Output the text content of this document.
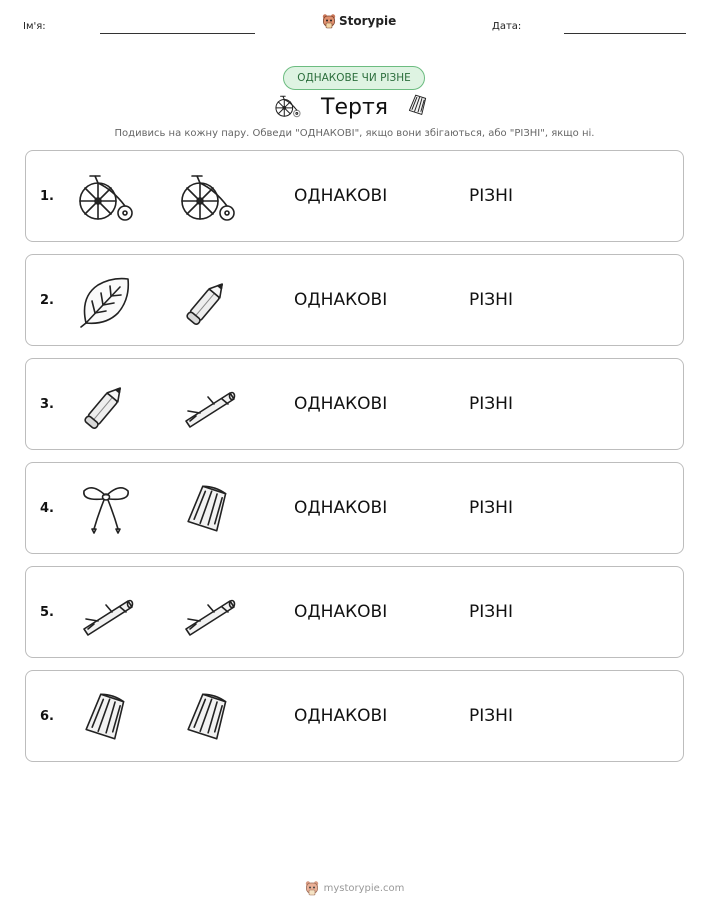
Ім'я:	Storypie	Дата:
ОДНАКОВЕ ЧИ РІЗНЕ
Тертя
Подивись на кожну пару. Обведи "ОДНАКОВІ", якщо вони збігаються, або "РІЗНІ", якщо ні.
1.	ОДНАКОВІ	РІЗНІ
2.	ОДНАКОВІ	РІЗНІ
3.	ОДНАКОВІ	РІЗНІ
4.	ОДНАКОВІ	РІЗНІ
5.	ОДНАКОВІ	РІЗНІ
6.	ОДНАКОВІ	РІЗНІ
mystorypie.com
